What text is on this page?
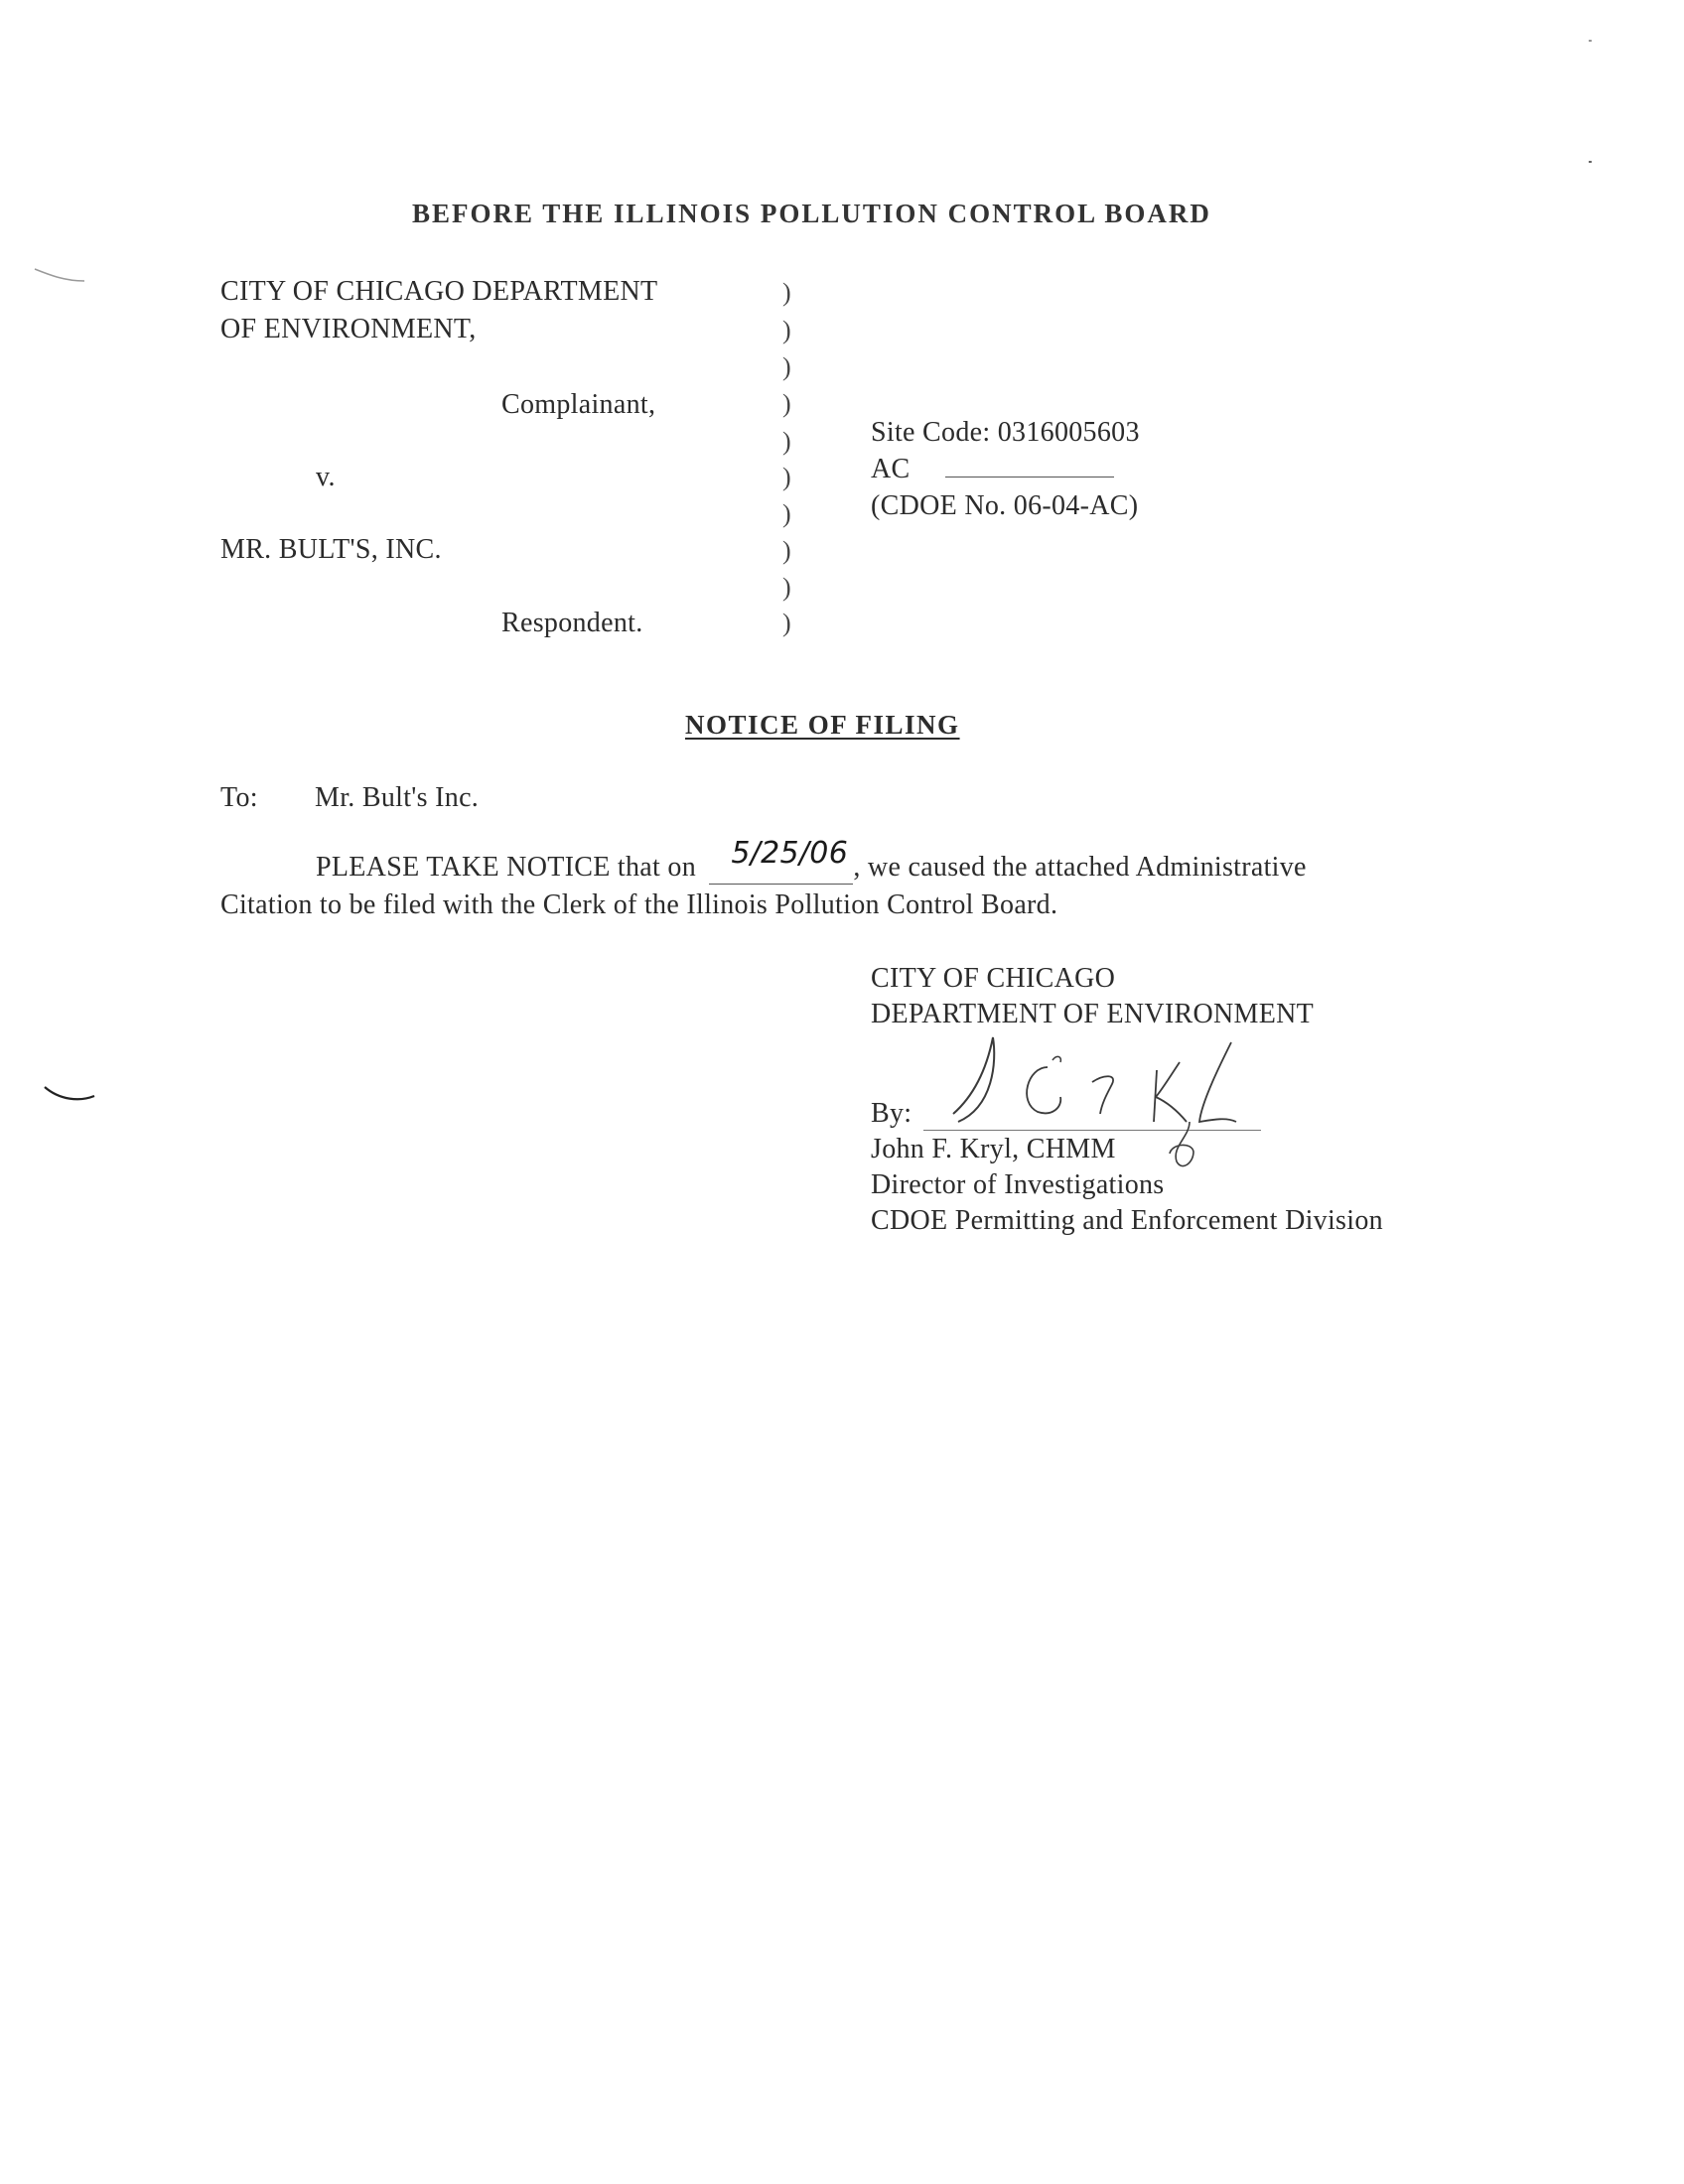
BEFORE THE ILLINOIS POLLUTION CONTROL BOARD
CITY OF CHICAGO DEPARTMENT
OF ENVIRONMENT,
Complainant,
v.
MR. BULT'S, INC.
Respondent.
)
)
)
)
)
)
)
)
)
)
Site Code: 0316005603
AC
(CDOE No. 06-04-AC)
NOTICE OF FILING
To: Mr. Bult's Inc.
PLEASE TAKE NOTICE that on 5/25/06 , we caused the attached Administrative
Citation to be filed with the Clerk of the Illinois Pollution Control Board.
CITY OF CHICAGO
DEPARTMENT OF ENVIRONMENT
By:
John F. Kryl, CHMM
Director of Investigations
CDOE Permitting and Enforcement Division
